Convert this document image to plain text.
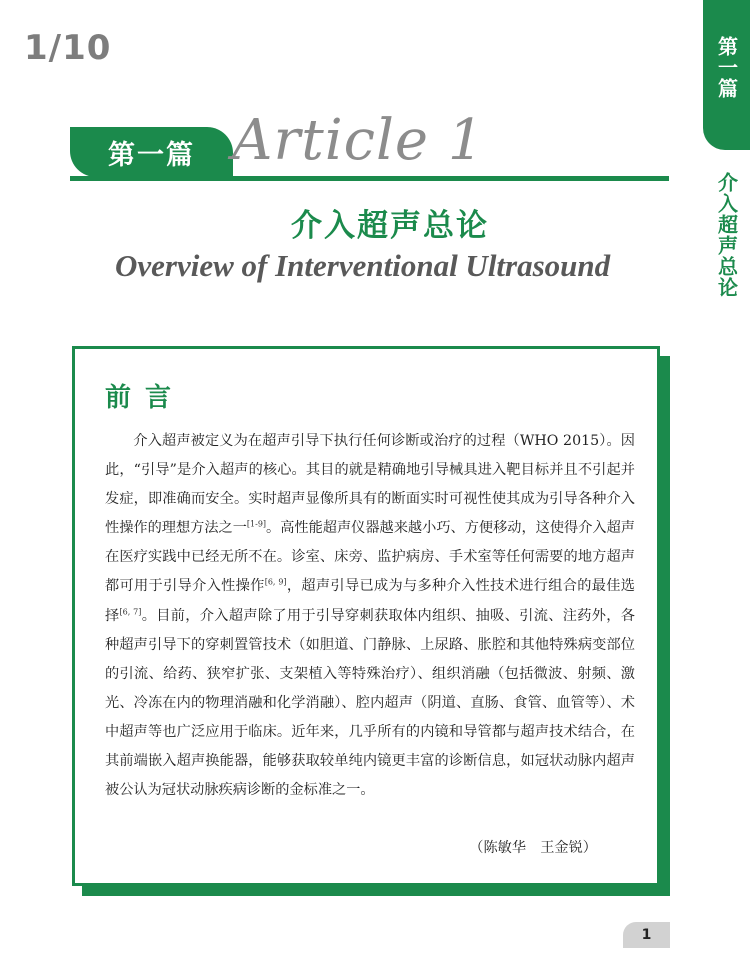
1/10	第一篇
介入超声总论
第一篇 Article 1
介入超声总论
Overview of Interventional Ultrasound
前言

介入超声被定义为在超声引导下执行任何诊断或治疗的过程（WHO 2015）。因此，“引导”是介入超声的核心。其目的就是精确地引导械具进入靶目标并且不引起并发症，即准确而安全。实时超声显像所具有的断面实时可视性使其成为引导各种介入性操作的理想方法之一[1-9]。高性能超声仪器越来越小巧、方便移动，这使得介入超声在医疗实践中已经无所不在。诊室、床旁、监护病房、手术室等任何需要的地方超声都可用于引导介入性操作[6, 9]，超声引导已成为与多种介入性技术进行组合的最佳选择[6, 7]。目前，介入超声除了用于引导穿刺获取体内组织、抽吸、引流、注药外，各种超声引导下的穿刺置管技术（如胆道、门静脉、上尿路、胀腔和其他特殊病变部位的引流、给药、狭窄扩张、支架植入等特殊治疗）、组织消融（包括微波、射频、激光、冷冻在内的物理消融和化学消融）、腔内超声（阴道、直肠、食管、血管等）、术中超声等也广泛应用于临床。近年来，几乎所有的内镜和导管都与超声技术结合，在其前端嵌入超声换能器，能够获取较单纯内镜更丰富的诊断信息，如冠状动脉内超声被公认为冠状动脉疾病诊断的金标准之一。

（陈敏华　王金锐）
1
